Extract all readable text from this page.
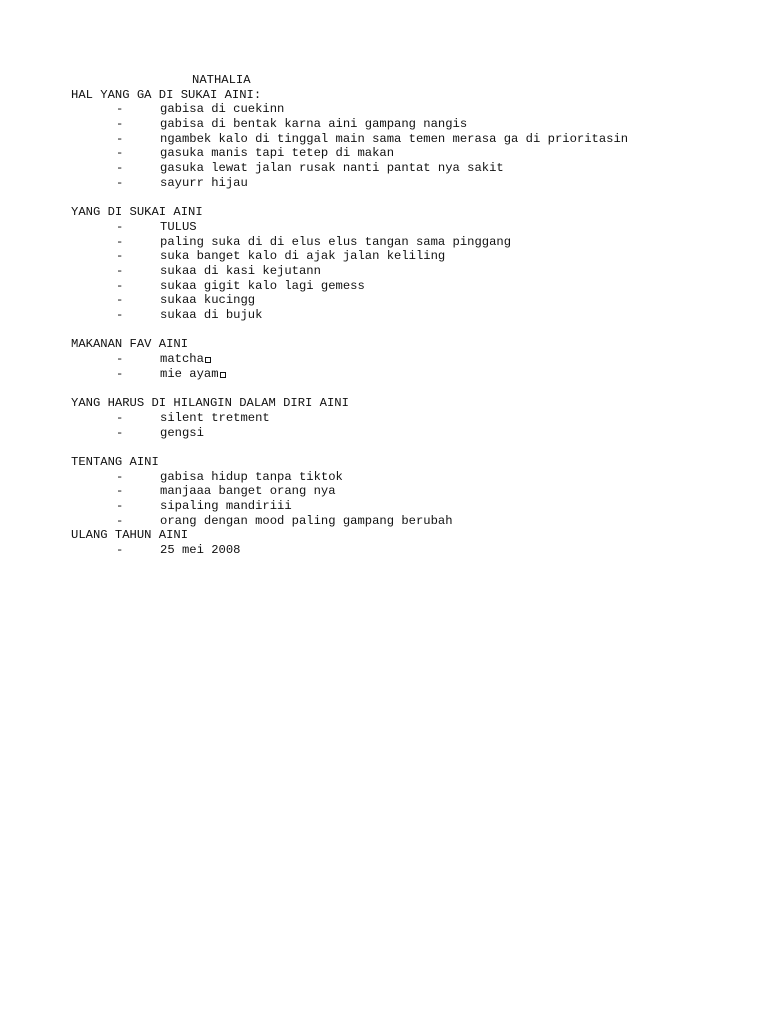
NATHALIA
HAL YANG GA DI SUKAI AINI:
-	gabisa di cuekinn
-	gabisa di bentak karna aini gampang nangis
-	ngambek kalo di tinggal main sama temen merasa ga di prioritasin
-	gasuka manis tapi tetep di makan
-	gasuka lewat jalan rusak nanti pantat nya sakit
-	sayurr hijau
YANG DI SUKAI AINI
-	TULUS
-	paling suka di di elus elus tangan sama pinggang
-	suka banget kalo di ajak jalan keliling
-	sukaa di kasi kejutann
-	sukaa gigit kalo lagi gemess
-	sukaa kucingg
-	sukaa di bujuk
MAKANAN FAV AINI
-	matcha
-	mie ayam
YANG HARUS DI HILANGIN DALAM DIRI AINI
-	silent tretment
-	gengsi
TENTANG AINI
-	gabisa hidup tanpa tiktok
-	manjaaa banget orang nya
-	sipaling mandiriii
-	orang dengan mood paling gampang berubah
ULANG TAHUN AINI
-	25 mei 2008
